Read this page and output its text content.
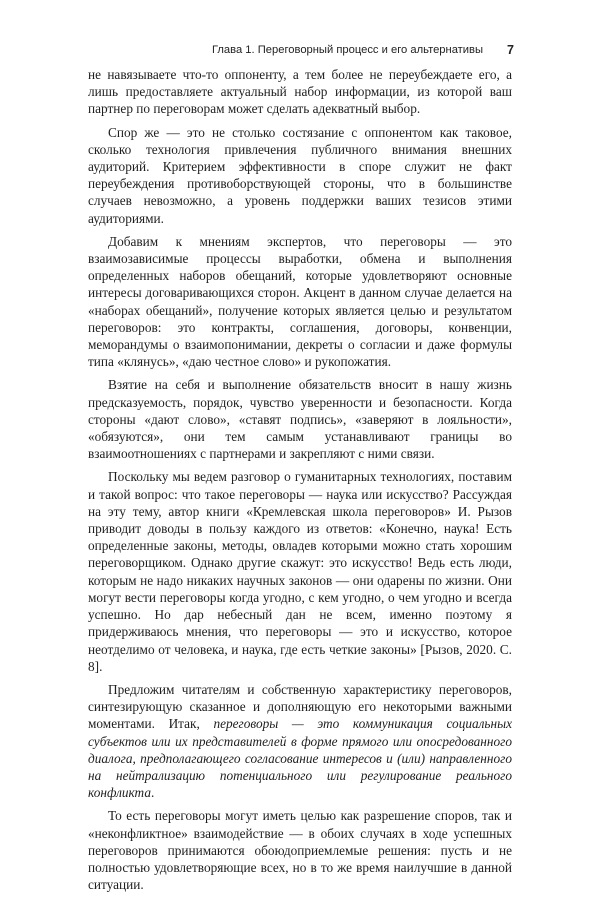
Глава 1. Переговорный процесс и его альтернативы 7

не навязываете что-то оппоненту, а тем более не переубеждаете его, а лишь предоставляете актуальный набор информации, из которой ваш партнер по переговорам может сделать адекватный выбор.

Спор же — это не столько состязание с оппонентом как таковое, сколько технология привлечения публичного внимания внешних аудиторий. Критерием эффективности в споре служит не факт переубеждения противоборствующей стороны, что в большинстве случаев невозможно, а уровень поддержки ваших тезисов этими аудиториями.

Добавим к мнениям экспертов, что переговоры — это взаимозависимые процессы выработки, обмена и выполнения определенных наборов обещаний, которые удовлетворяют основные интересы договаривающихся сторон. Акцент в данном случае делается на «наборах обещаний», получение которых является целью и результатом переговоров: это контракты, соглашения, договоры, конвенции, меморандумы о взаимопонимании, декреты о согласии и даже формулы типа «клянусь», «даю честное слово» и рукопожатия.

Взятие на себя и выполнение обязательств вносит в нашу жизнь предсказуемость, порядок, чувство уверенности и безопасности. Когда стороны «дают слово», «ставят подпись», «заверяют в лояльности», «обязуются», они тем самым устанавливают границы во взаимоотношениях с партнерами и закрепляют с ними связи.

Поскольку мы ведем разговор о гуманитарных технологиях, поставим и такой вопрос: что такое переговоры — наука или искусство? Рассуждая на эту тему, автор книги «Кремлевская школа переговоров» И. Рызов приводит доводы в пользу каждого из ответов: «Конечно, наука! Есть определенные законы, методы, овладев которыми можно стать хорошим переговорщиком. Однако другие скажут: это искусство! Ведь есть люди, которым не надо никаких научных законов — они одарены по жизни. Они могут вести переговоры когда угодно, с кем угодно, о чем угодно и всегда успешно. Но дар небесный дан не всем, именно поэтому я придерживаюсь мнения, что переговоры — это и искусство, которое неотделимо от человека, и наука, где есть четкие законы» [Рызов, 2020. С. 8].

Предложим читателям и собственную характеристику переговоров, синтезирующую сказанное и дополняющую его некоторыми важными моментами. Итак, переговоры — это коммуникация социальных субъектов или их представителей в форме прямого или опосредованного диалога, предполагающего согласование интересов и (или) направленного на нейтрализацию потенциального или регулирование реального конфликта.

То есть переговоры могут иметь целью как разрешение споров, так и «неконфликтное» взаимодействие — в обоих случаях в ходе успешных переговоров принимаются обоюдоприемлемые решения: пусть и не полностью удовлетворяющие всех, но в то же время наилучшие в данной ситуации.
